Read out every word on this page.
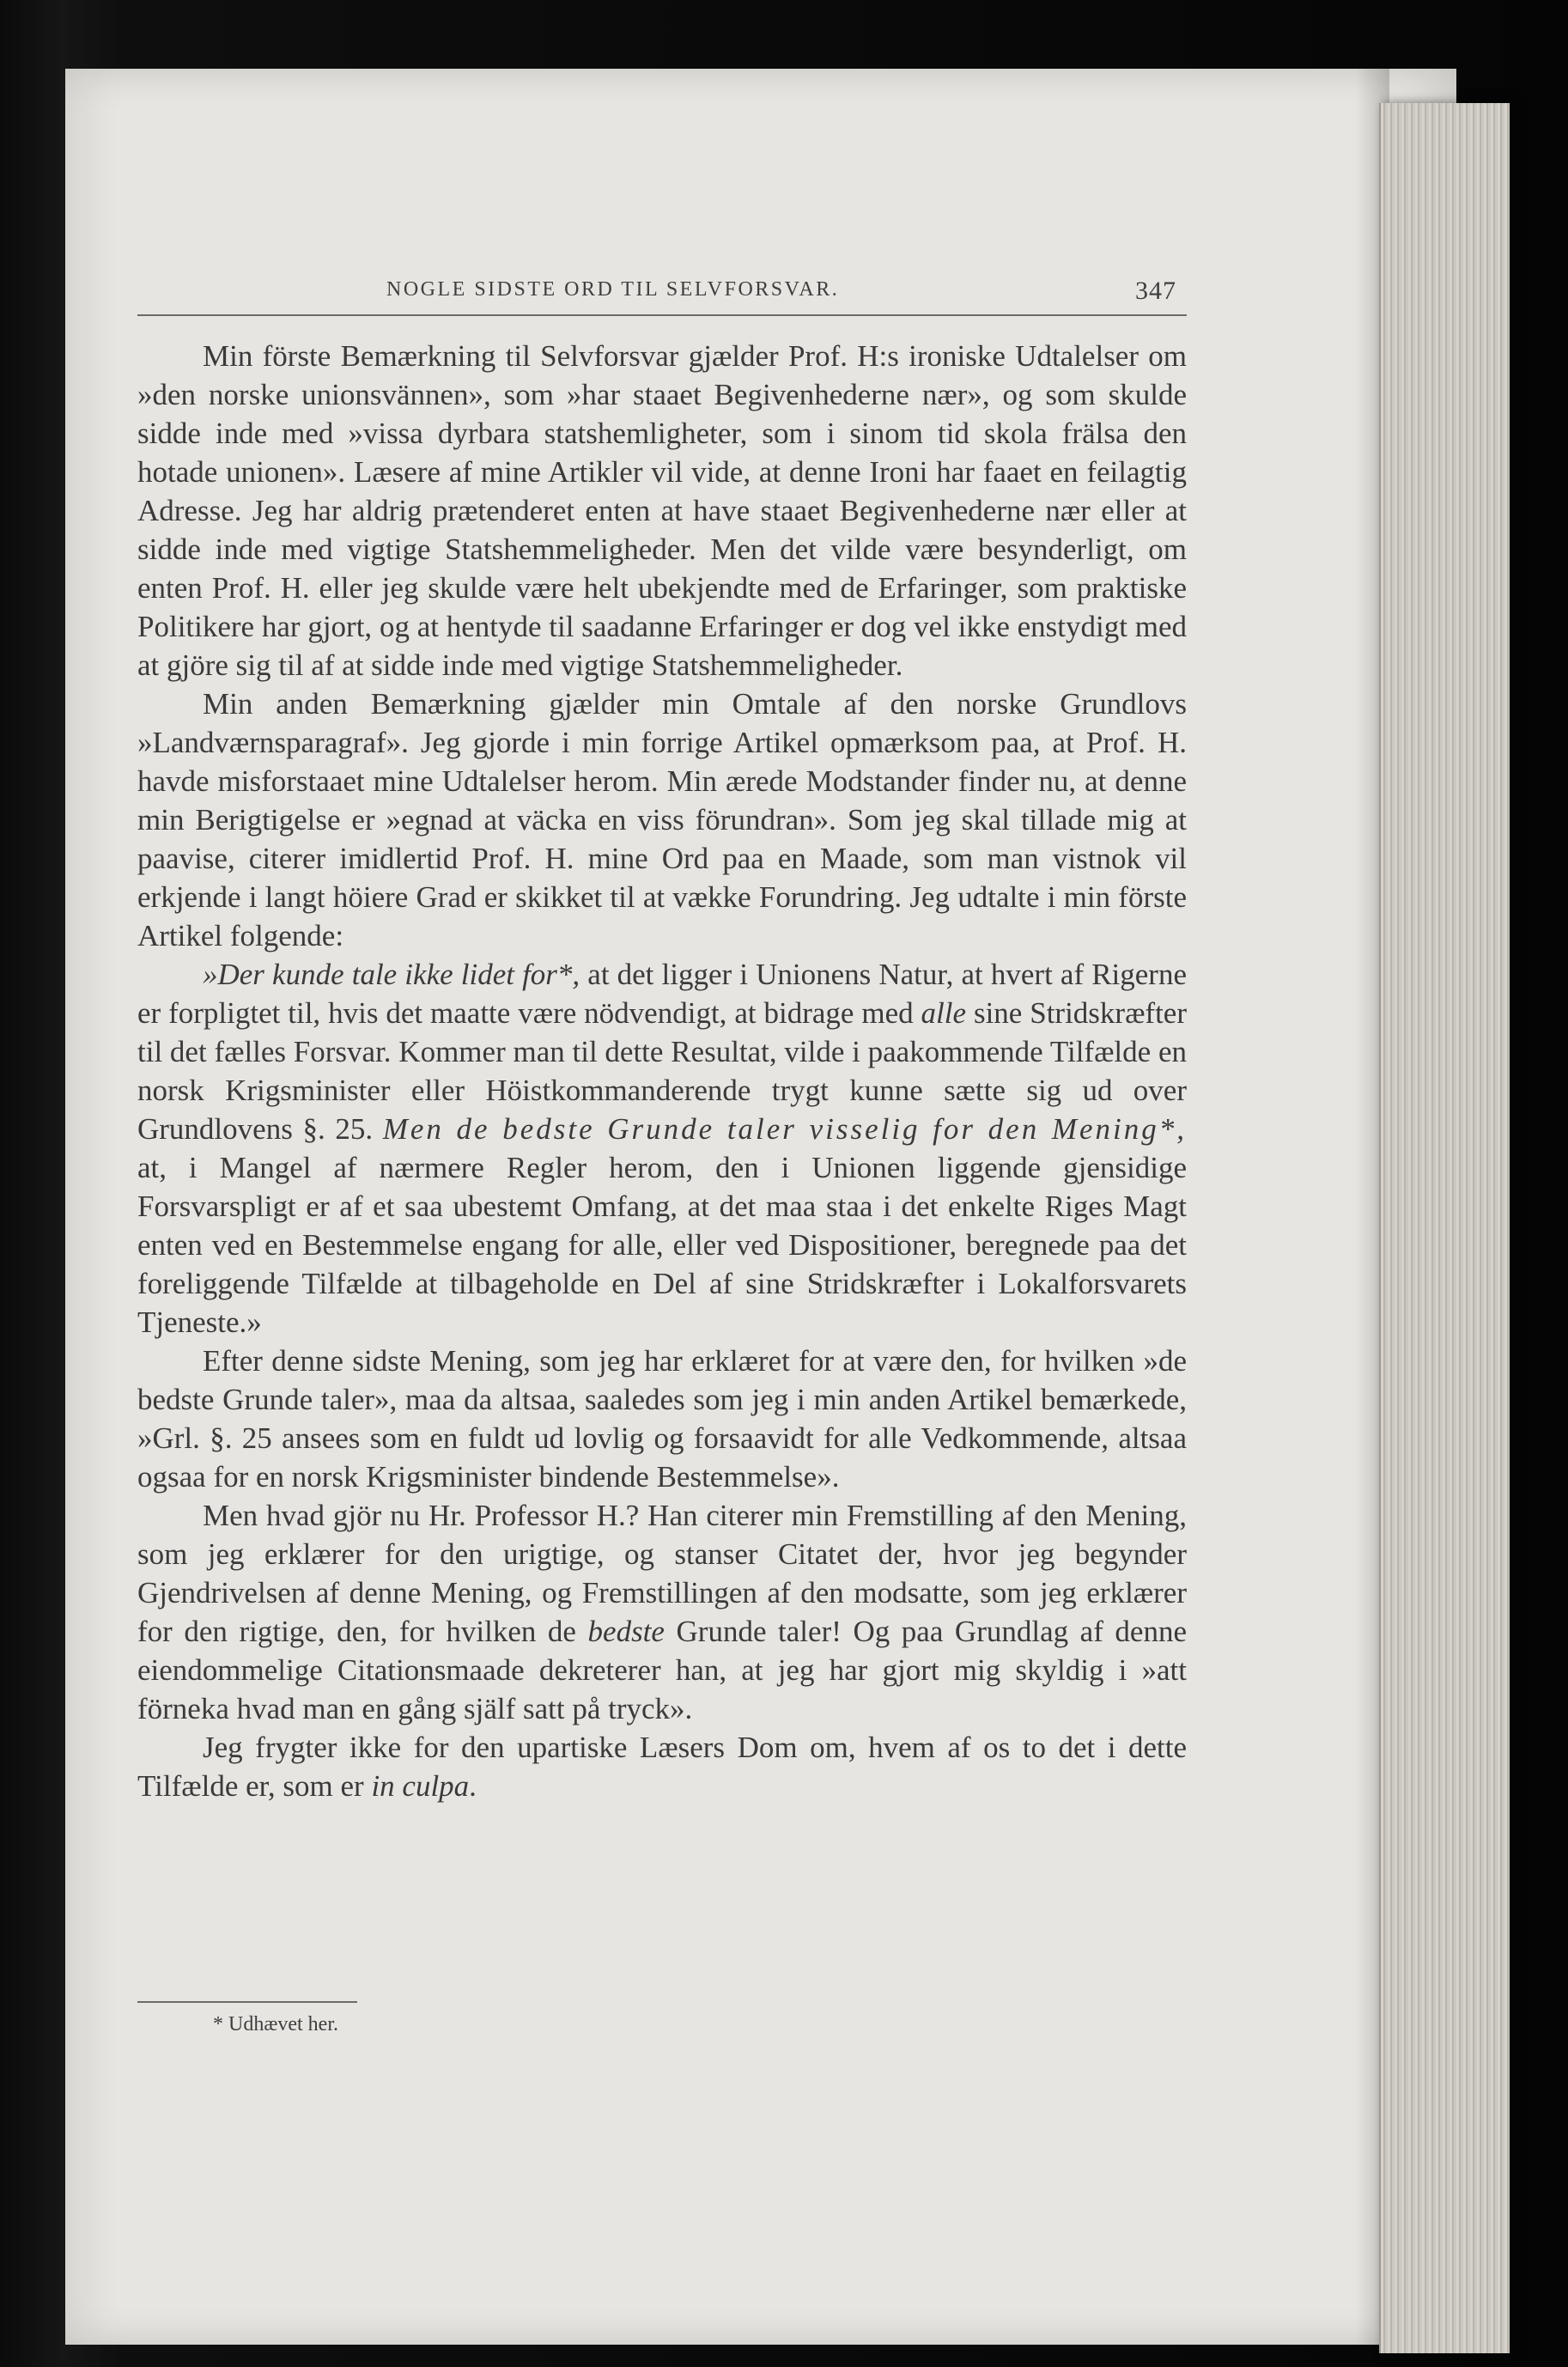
NOGLE SIDSTE ORD TIL SELVFORSVAR.	347

Min förste Bemærkning til Selvforsvar gjælder Prof. H:s ironiske Udtalelser om »den norske unionsvännen», som »har staaet Begivenhederne nær», og som skulde sidde inde med »vissa dyrbara statshemligheter, som i sinom tid skola frälsa den hotade unionen». Læsere af mine Artikler vil vide, at denne Ironi har faaet en feilagtig Adresse. Jeg har aldrig prætenderet enten at have staaet Begivenhederne nær eller at sidde inde med vigtige Statshemmeligheder. Men det vilde være besynderligt, om enten Prof. H. eller jeg skulde være helt ubekjendte med de Erfaringer, som praktiske Politikere har gjort, og at hentyde til saadanne Erfaringer er dog vel ikke enstydigt med at gjöre sig til af at sidde inde med vigtige Statshemmeligheder.

Min anden Bemærkning gjælder min Omtale af den norske Grundlovs »Landværnsparagraf». Jeg gjorde i min forrige Artikel opmærksom paa, at Prof. H. havde misforstaaet mine Udtalelser herom. Min ærede Modstander finder nu, at denne min Berigtigelse er »egnad at väcka en viss förundran». Som jeg skal tillade mig at paavise, citerer imidlertid Prof. H. mine Ord paa en Maade, som man vistnok vil erkjende i langt höiere Grad er skikket til at vække Forundring. Jeg udtalte i min förste Artikel folgende:

»Der kunde tale ikke lidet for*, at det ligger i Unionens Natur, at hvert af Rigerne er forpligtet til, hvis det maatte være nödvendigt, at bidrage med alle sine Stridskræfter til det fælles Forsvar. Kommer man til dette Resultat, vilde i paakommende Tilfælde en norsk Krigsminister eller Höistkommanderende trygt kunne sætte sig ud over Grundlovens §. 25. Men de bedste Grunde taler visselig for den Mening*, at, i Mangel af nærmere Regler herom, den i Unionen liggende gjensidige Forsvarspligt er af et saa ubestemt Omfang, at det maa staa i det enkelte Riges Magt enten ved en Bestemmelse engang for alle, eller ved Dispositioner, beregnede paa det foreliggende Tilfælde at tilbageholde en Del af sine Stridskræfter i Lokalforsvarets Tjeneste.»

Efter denne sidste Mening, som jeg har erklæret for at være den, for hvilken »de bedste Grunde taler», maa da altsaa, saaledes som jeg i min anden Artikel bemærkede, »Grl. §. 25 ansees som en fuldt ud lovlig og forsaavidt for alle Vedkommende, altsaa ogsaa for en norsk Krigsminister bindende Bestemmelse».

Men hvad gjör nu Hr. Professor H.? Han citerer min Fremstilling af den Mening, som jeg erklærer for den urigtige, og stanser Citatet der, hvor jeg begynder Gjendrivelsen af denne Mening, og Fremstillingen af den modsatte, som jeg erklærer for den rigtige, den, for hvilken de bedste Grunde taler! Og paa Grundlag af denne eiendommelige Citationsmaade dekreterer han, at jeg har gjort mig skyldig i »att förneka hvad man en gång själf satt på tryck».

Jeg frygter ikke for den upartiske Læsers Dom om, hvem af os to det i dette Tilfælde er, som er in culpa.

* Udhævet her.
